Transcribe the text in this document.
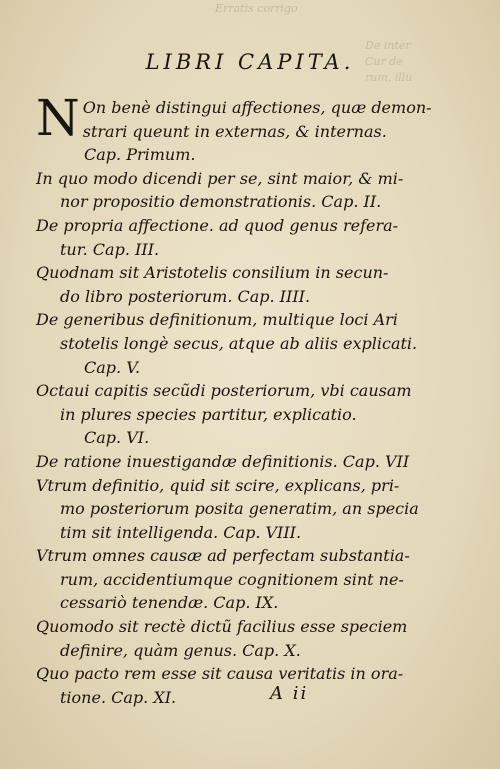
Erratis corrigo
De inter
Cur de
rum, illu
LIBRI CAPITA.
N On benè distingui affectiones, quæ demon-
strari queunt in externas, & internas.
Cap. Primum.
In quo modo dicendi per se, sint maior, & mi-
nor propositio demonstrationis. Cap. II.
De propria affectione. ad quod genus refera-
tur. Cap. III.
Quodnam sit Aristotelis consilium in secun-
do libro posteriorum. Cap. IIII.
De generibus definitionum, multique loci Ari
stotelis longè secus, atque ab aliis explicati.
Cap. V.
Octaui capitis secũdi posteriorum, vbi causam
in plures species partitur, explicatio.
Cap. VI.
De ratione inuestigandæ definitionis. Cap. VII
Vtrum definitio, quid sit scire, explicans, pri-
mo posteriorum posita generatim, an specia
tim sit intelligenda. Cap. VIII.
Vtrum omnes causæ ad perfectam substantia-
rum, accidentiumque cognitionem sint ne-
cessariò tenendæ. Cap. IX.
Quomodo sit rectè dictũ facilius esse speciem
definire, quàm genus. Cap. X.
Quo pacto rem esse sit causa veritatis in ora-
tione. Cap. XI.	A ii
